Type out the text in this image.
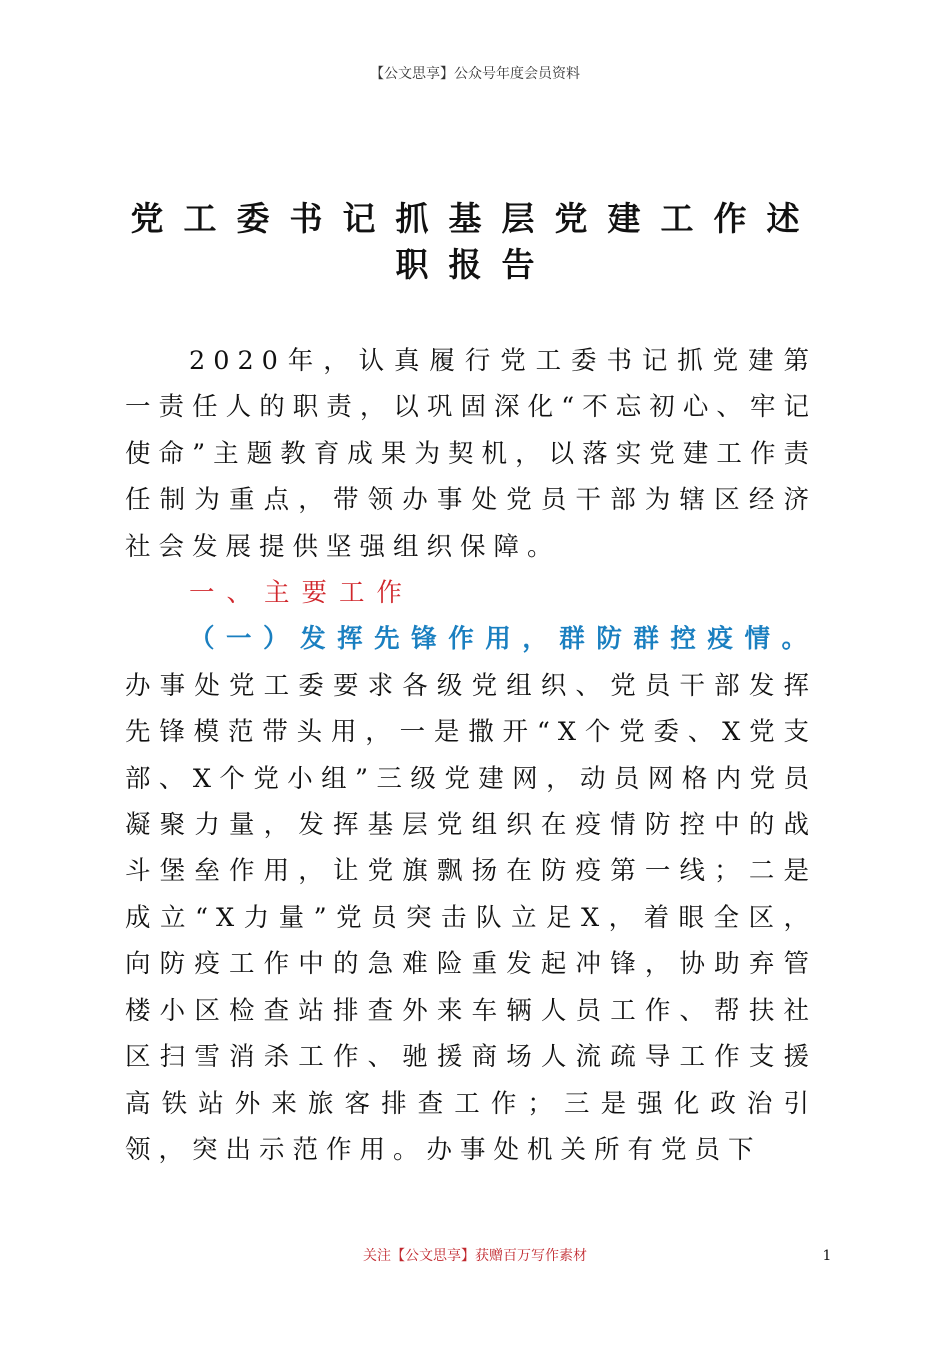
【公文思享】公众号年度会员资料
党工委书记抓基层党建工作述
职报告

2020年，认真履行党工委书记抓党建第一责任人的职责，以巩固深化“不忘初心、牢记使命”主题教育成果为契机，以落实党建工作责任制为重点，带领办事处党员干部为辖区经济社会发展提供坚强组织保障。

一、主要工作

（一）发挥先锋作用，群防群控疫情。办事处党工委要求各级党组织、党员干部发挥先锋模范带头用，一是撒开“X个党委、X党支部、X个党小组”三级党建网，动员网格内党员凝聚力量，发挥基层党组织在疫情防控中的战斗堡垒作用，让党旗飘扬在防疫第一线；二是成立“X力量”党员突击队立足X，着眼全区，向防疫工作中的急难险重发起冲锋，协助弃管楼小区检查站排查外来车辆人员工作、帮扶社区扫雪消杀工作、驰援商场人流疏导工作支援高铁站外来旅客排查工作；三是强化政治引领，突出示范作用。办事处机关所有党员下

关注【公文思享】获赠百万写作素材	1
